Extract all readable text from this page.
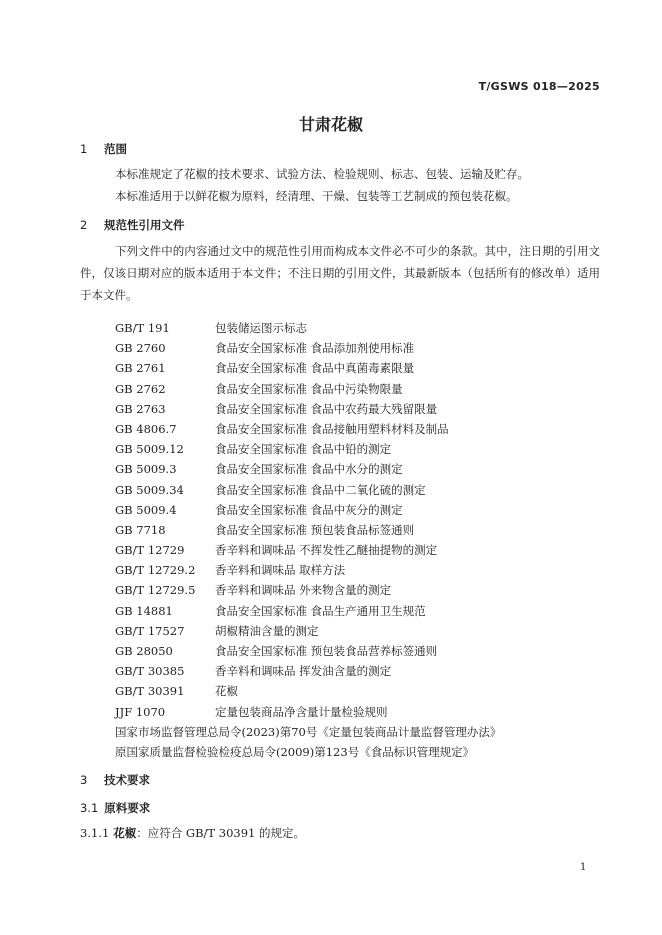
T/GSWS 018—2025
甘肃花椒
1 范围
本标准规定了花椒的技术要求、试验方法、检验规则、标志、包装、运输及贮存。
本标准适用于以鲜花椒为原料，经清理、干燥、包装等工艺制成的预包装花椒。
2 规范性引用文件
下列文件中的内容通过文中的规范性引用而构成本文件必不可少的条款。其中，注日期的引用文件，仅该日期对应的版本适用于本文件；不注日期的引用文件，其最新版本（包括所有的修改单）适用于本文件。
GB/T 191	包装储运图示标志
GB 2760	食品安全国家标准 食品添加剂使用标准
GB 2761	食品安全国家标准 食品中真菌毒素限量
GB 2762	食品安全国家标准 食品中污染物限量
GB 2763	食品安全国家标准 食品中农药最大残留限量
GB 4806.7	食品安全国家标准 食品接触用塑料材料及制品
GB 5009.12	食品安全国家标准 食品中铅的测定
GB 5009.3	食品安全国家标准 食品中水分的测定
GB 5009.34	食品安全国家标准 食品中二氧化硫的测定
GB 5009.4	食品安全国家标准 食品中灰分的测定
GB 7718	食品安全国家标准 预包装食品标签通则
GB/T 12729	香辛料和调味品 不挥发性乙醚抽提物的测定
GB/T 12729.2 香辛料和调味品 取样方法
GB/T 12729.5 香辛料和调味品 外来物含量的测定
GB 14881	食品安全国家标准 食品生产通用卫生规范
GB/T 17527	胡椒精油含量的测定
GB 28050	食品安全国家标准 预包装食品营养标签通则
GB/T 30385	香辛料和调味品 挥发油含量的测定
GB/T 30391	花椒
JJF 1070	定量包装商品净含量计量检验规则
国家市场监督管理总局令(2023)第70号《定量包装商品计量监督管理办法》
原国家质量监督检验检疫总局令(2009)第123号《食品标识管理规定》
3 技术要求
3.1 原料要求
3.1.1 花椒：应符合 GB/T 30391 的规定。
1
